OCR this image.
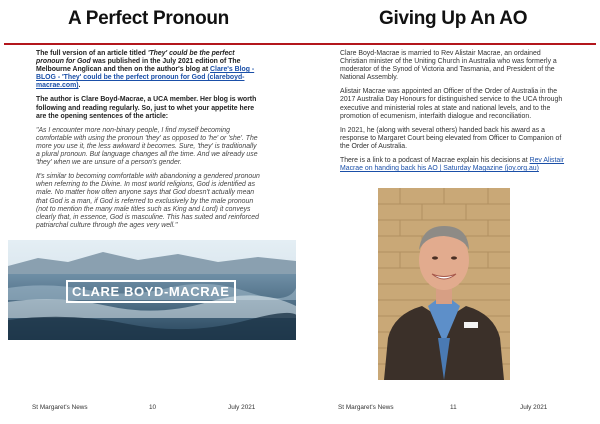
A Perfect Pronoun

The full version of an article titled 'They' could be the perfect pronoun for God was published in the July 2021 edition of The Melbourne Anglican and then on the author's blog at Clare's Blog - BLOG - 'They' could be the perfect pronoun for God (clareboyd-macrae.com).

The author is Clare Boyd-Macrae, a UCA member. Her blog is worth following and reading regularly. So, just to whet your appetite here are the opening sentences of the article:

"As I encounter more non-binary people, I find myself becoming comfortable with using the pronoun 'they' as opposed to 'he' or 'she'. The more you use it, the less awkward it becomes. Sure, 'they' is traditionally a plural pronoun. But language changes all the time. And we already use 'they' when we are unsure of a person's gender.

It's similar to becoming comfortable with abandoning a gendered pronoun when referring to the Divine. In most world religions, God is identified as male. No matter how often anyone says that God doesn't actually mean that God is a man, if God is referred to exclusively by the male pronoun (not to mention the many male titles such as King and Lord) it conveys clearly that, in essence, God is masculine. This has suited and reinforced patriarchal culture through the ages very well."

CLARE BOYD-MACRAE
St Margaret's News	10	July 2021
Giving Up An AO

Clare Boyd-Macrae is married to Rev Alistair Macrae, an ordained Christian minister of the Uniting Church in Australia who was formerly a moderator of the Synod of Victoria and Tasmania, and President of the National Assembly.

Alistair Macrae was appointed an Officer of the Order of Australia in the 2017 Australia Day Honours for distinguished service to the UCA through executive and ministerial roles at state and national levels, and to the promotion of ecumenism, interfaith dialogue and reconciliation.

In 2021, he (along with several others) handed back his award as a response to Margaret Court being elevated from Officer to Companion of the Order of Australia.

There is a link to a podcast of Macrae explain his decisions at Rev Alistair Macrae on handing back his AO | Saturday Magazine (joy.org.au)

St Margaret's News	11	July 2021
